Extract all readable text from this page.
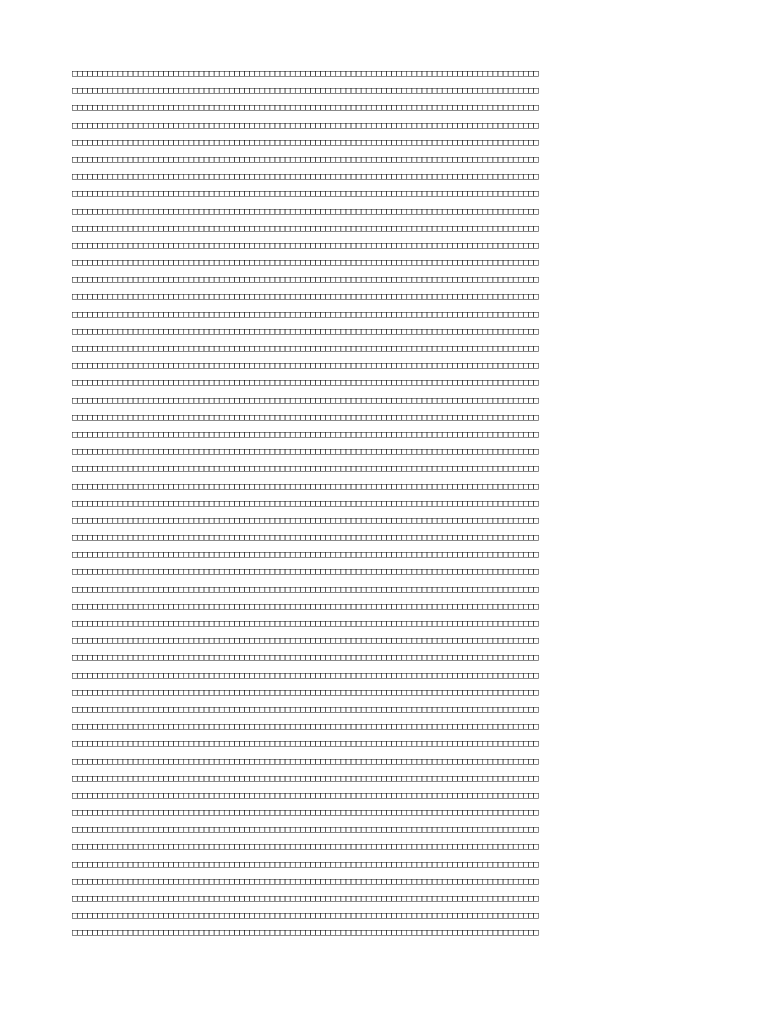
□□□□□□□□□□□□□□□□□□□□□□□□□□□□□□□□□□□□□□□□□□□□□□□□□□□□□□□□□□□□□□□□□□□□□□□□□□□□□□□□□□□□□□□□□□□□
□□□□□□□□□□□□□□□□□□□□□□□□□□□□□□□□□□□□□□□□□□□□□□□□□□□□□□□□□□□□□□□□□□□□□□□□□□□□□□□□□□□□□□□□□□□□
□□□□□□□□□□□□□□□□□□□□□□□□□□□□□□□□□□□□□□□□□□□□□□□□□□□□□□□□□□□□□□□□□□□□□□□□□□□□□□□□□□□□□□□□□□□□
□□□□□□□□□□□□□□□□□□□□□□□□□□□□□□□□□□□□□□□□□□□□□□□□□□□□□□□□□□□□□□□□□□□□□□□□□□□□□□□□□□□□□□□□□□□□
□□□□□□□□□□□□□□□□□□□□□□□□□□□□□□□□□□□□□□□□□□□□□□□□□□□□□□□□□□□□□□□□□□□□□□□□□□□□□□□□□□□□□□□□□□□□
□□□□□□□□□□□□□□□□□□□□□□□□□□□□□□□□□□□□□□□□□□□□□□□□□□□□□□□□□□□□□□□□□□□□□□□□□□□□□□□□□□□□□□□□□□□□
□□□□□□□□□□□□□□□□□□□□□□□□□□□□□□□□□□□□□□□□□□□□□□□□□□□□□□□□□□□□□□□□□□□□□□□□□□□□□□□□□□□□□□□□□□□□
□□□□□□□□□□□□□□□□□□□□□□□□□□□□□□□□□□□□□□□□□□□□□□□□□□□□□□□□□□□□□□□□□□□□□□□□□□□□□□□□□□□□□□□□□□□□
□□□□□□□□□□□□□□□□□□□□□□□□□□□□□□□□□□□□□□□□□□□□□□□□□□□□□□□□□□□□□□□□□□□□□□□□□□□□□□□□□□□□□□□□□□□□
□□□□□□□□□□□□□□□□□□□□□□□□□□□□□□□□□□□□□□□□□□□□□□□□□□□□□□□□□□□□□□□□□□□□□□□□□□□□□□□□□□□□□□□□□□□□
□□□□□□□□□□□□□□□□□□□□□□□□□□□□□□□□□□□□□□□□□□□□□□□□□□□□□□□□□□□□□□□□□□□□□□□□□□□□□□□□□□□□□□□□□□□□
□□□□□□□□□□□□□□□□□□□□□□□□□□□□□□□□□□□□□□□□□□□□□□□□□□□□□□□□□□□□□□□□□□□□□□□□□□□□□□□□□□□□□□□□□□□□
□□□□□□□□□□□□□□□□□□□□□□□□□□□□□□□□□□□□□□□□□□□□□□□□□□□□□□□□□□□□□□□□□□□□□□□□□□□□□□□□□□□□□□□□□□□□
□□□□□□□□□□□□□□□□□□□□□□□□□□□□□□□□□□□□□□□□□□□□□□□□□□□□□□□□□□□□□□□□□□□□□□□□□□□□□□□□□□□□□□□□□□□□
□□□□□□□□□□□□□□□□□□□□□□□□□□□□□□□□□□□□□□□□□□□□□□□□□□□□□□□□□□□□□□□□□□□□□□□□□□□□□□□□□□□□□□□□□□□□
□□□□□□□□□□□□□□□□□□□□□□□□□□□□□□□□□□□□□□□□□□□□□□□□□□□□□□□□□□□□□□□□□□□□□□□□□□□□□□□□□□□□□□□□□□□□
□□□□□□□□□□□□□□□□□□□□□□□□□□□□□□□□□□□□□□□□□□□□□□□□□□□□□□□□□□□□□□□□□□□□□□□□□□□□□□□□□□□□□□□□□□□□
□□□□□□□□□□□□□□□□□□□□□□□□□□□□□□□□□□□□□□□□□□□□□□□□□□□□□□□□□□□□□□□□□□□□□□□□□□□□□□□□□□□□□□□□□□□□
□□□□□□□□□□□□□□□□□□□□□□□□□□□□□□□□□□□□□□□□□□□□□□□□□□□□□□□□□□□□□□□□□□□□□□□□□□□□□□□□□□□□□□□□□□□□
□□□□□□□□□□□□□□□□□□□□□□□□□□□□□□□□□□□□□□□□□□□□□□□□□□□□□□□□□□□□□□□□□□□□□□□□□□□□□□□□□□□□□□□□□□□□
□□□□□□□□□□□□□□□□□□□□□□□□□□□□□□□□□□□□□□□□□□□□□□□□□□□□□□□□□□□□□□□□□□□□□□□□□□□□□□□□□□□□□□□□□□□□
□□□□□□□□□□□□□□□□□□□□□□□□□□□□□□□□□□□□□□□□□□□□□□□□□□□□□□□□□□□□□□□□□□□□□□□□□□□□□□□□□□□□□□□□□□□□
□□□□□□□□□□□□□□□□□□□□□□□□□□□□□□□□□□□□□□□□□□□□□□□□□□□□□□□□□□□□□□□□□□□□□□□□□□□□□□□□□□□□□□□□□□□□
□□□□□□□□□□□□□□□□□□□□□□□□□□□□□□□□□□□□□□□□□□□□□□□□□□□□□□□□□□□□□□□□□□□□□□□□□□□□□□□□□□□□□□□□□□□□
□□□□□□□□□□□□□□□□□□□□□□□□□□□□□□□□□□□□□□□□□□□□□□□□□□□□□□□□□□□□□□□□□□□□□□□□□□□□□□□□□□□□□□□□□□□□
□□□□□□□□□□□□□□□□□□□□□□□□□□□□□□□□□□□□□□□□□□□□□□□□□□□□□□□□□□□□□□□□□□□□□□□□□□□□□□□□□□□□□□□□□□□□
□□□□□□□□□□□□□□□□□□□□□□□□□□□□□□□□□□□□□□□□□□□□□□□□□□□□□□□□□□□□□□□□□□□□□□□□□□□□□□□□□□□□□□□□□□□□
□□□□□□□□□□□□□□□□□□□□□□□□□□□□□□□□□□□□□□□□□□□□□□□□□□□□□□□□□□□□□□□□□□□□□□□□□□□□□□□□□□□□□□□□□□□□
□□□□□□□□□□□□□□□□□□□□□□□□□□□□□□□□□□□□□□□□□□□□□□□□□□□□□□□□□□□□□□□□□□□□□□□□□□□□□□□□□□□□□□□□□□□□
□□□□□□□□□□□□□□□□□□□□□□□□□□□□□□□□□□□□□□□□□□□□□□□□□□□□□□□□□□□□□□□□□□□□□□□□□□□□□□□□□□□□□□□□□□□□
□□□□□□□□□□□□□□□□□□□□□□□□□□□□□□□□□□□□□□□□□□□□□□□□□□□□□□□□□□□□□□□□□□□□□□□□□□□□□□□□□□□□□□□□□□□□
□□□□□□□□□□□□□□□□□□□□□□□□□□□□□□□□□□□□□□□□□□□□□□□□□□□□□□□□□□□□□□□□□□□□□□□□□□□□□□□□□□□□□□□□□□□□
□□□□□□□□□□□□□□□□□□□□□□□□□□□□□□□□□□□□□□□□□□□□□□□□□□□□□□□□□□□□□□□□□□□□□□□□□□□□□□□□□□□□□□□□□□□□
□□□□□□□□□□□□□□□□□□□□□□□□□□□□□□□□□□□□□□□□□□□□□□□□□□□□□□□□□□□□□□□□□□□□□□□□□□□□□□□□□□□□□□□□□□□□
□□□□□□□□□□□□□□□□□□□□□□□□□□□□□□□□□□□□□□□□□□□□□□□□□□□□□□□□□□□□□□□□□□□□□□□□□□□□□□□□□□□□□□□□□□□□
□□□□□□□□□□□□□□□□□□□□□□□□□□□□□□□□□□□□□□□□□□□□□□□□□□□□□□□□□□□□□□□□□□□□□□□□□□□□□□□□□□□□□□□□□□□□
□□□□□□□□□□□□□□□□□□□□□□□□□□□□□□□□□□□□□□□□□□□□□□□□□□□□□□□□□□□□□□□□□□□□□□□□□□□□□□□□□□□□□□□□□□□□
□□□□□□□□□□□□□□□□□□□□□□□□□□□□□□□□□□□□□□□□□□□□□□□□□□□□□□□□□□□□□□□□□□□□□□□□□□□□□□□□□□□□□□□□□□□□
□□□□□□□□□□□□□□□□□□□□□□□□□□□□□□□□□□□□□□□□□□□□□□□□□□□□□□□□□□□□□□□□□□□□□□□□□□□□□□□□□□□□□□□□□□□□
□□□□□□□□□□□□□□□□□□□□□□□□□□□□□□□□□□□□□□□□□□□□□□□□□□□□□□□□□□□□□□□□□□□□□□□□□□□□□□□□□□□□□□□□□□□□
□□□□□□□□□□□□□□□□□□□□□□□□□□□□□□□□□□□□□□□□□□□□□□□□□□□□□□□□□□□□□□□□□□□□□□□□□□□□□□□□□□□□□□□□□□□□
□□□□□□□□□□□□□□□□□□□□□□□□□□□□□□□□□□□□□□□□□□□□□□□□□□□□□□□□□□□□□□□□□□□□□□□□□□□□□□□□□□□□□□□□□□□□
□□□□□□□□□□□□□□□□□□□□□□□□□□□□□□□□□□□□□□□□□□□□□□□□□□□□□□□□□□□□□□□□□□□□□□□□□□□□□□□□□□□□□□□□□□□□
□□□□□□□□□□□□□□□□□□□□□□□□□□□□□□□□□□□□□□□□□□□□□□□□□□□□□□□□□□□□□□□□□□□□□□□□□□□□□□□□□□□□□□□□□□□□
□□□□□□□□□□□□□□□□□□□□□□□□□□□□□□□□□□□□□□□□□□□□□□□□□□□□□□□□□□□□□□□□□□□□□□□□□□□□□□□□□□□□□□□□□□□□
□□□□□□□□□□□□□□□□□□□□□□□□□□□□□□□□□□□□□□□□□□□□□□□□□□□□□□□□□□□□□□□□□□□□□□□□□□□□□□□□□□□□□□□□□□□□
□□□□□□□□□□□□□□□□□□□□□□□□□□□□□□□□□□□□□□□□□□□□□□□□□□□□□□□□□□□□□□□□□□□□□□□□□□□□□□□□□□□□□□□□□□□□
□□□□□□□□□□□□□□□□□□□□□□□□□□□□□□□□□□□□□□□□□□□□□□□□□□□□□□□□□□□□□□□□□□□□□□□□□□□□□□□□□□□□□□□□□□□□
□□□□□□□□□□□□□□□□□□□□□□□□□□□□□□□□□□□□□□□□□□□□□□□□□□□□□□□□□□□□□□□□□□□□□□□□□□□□□□□□□□□□□□□□□□□□
□□□□□□□□□□□□□□□□□□□□□□□□□□□□□□□□□□□□□□□□□□□□□□□□□□□□□□□□□□□□□□□□□□□□□□□□□□□□□□□□□□□□□□□□□□□□
□□□□□□□□□□□□□□□□□□□□□□□□□□□□□□□□□□□□□□□□□□□□□□□□□□□□□□□□□□□□□□□□□□□□□□□□□□□□□□□□□□□□□□□□□□□□
